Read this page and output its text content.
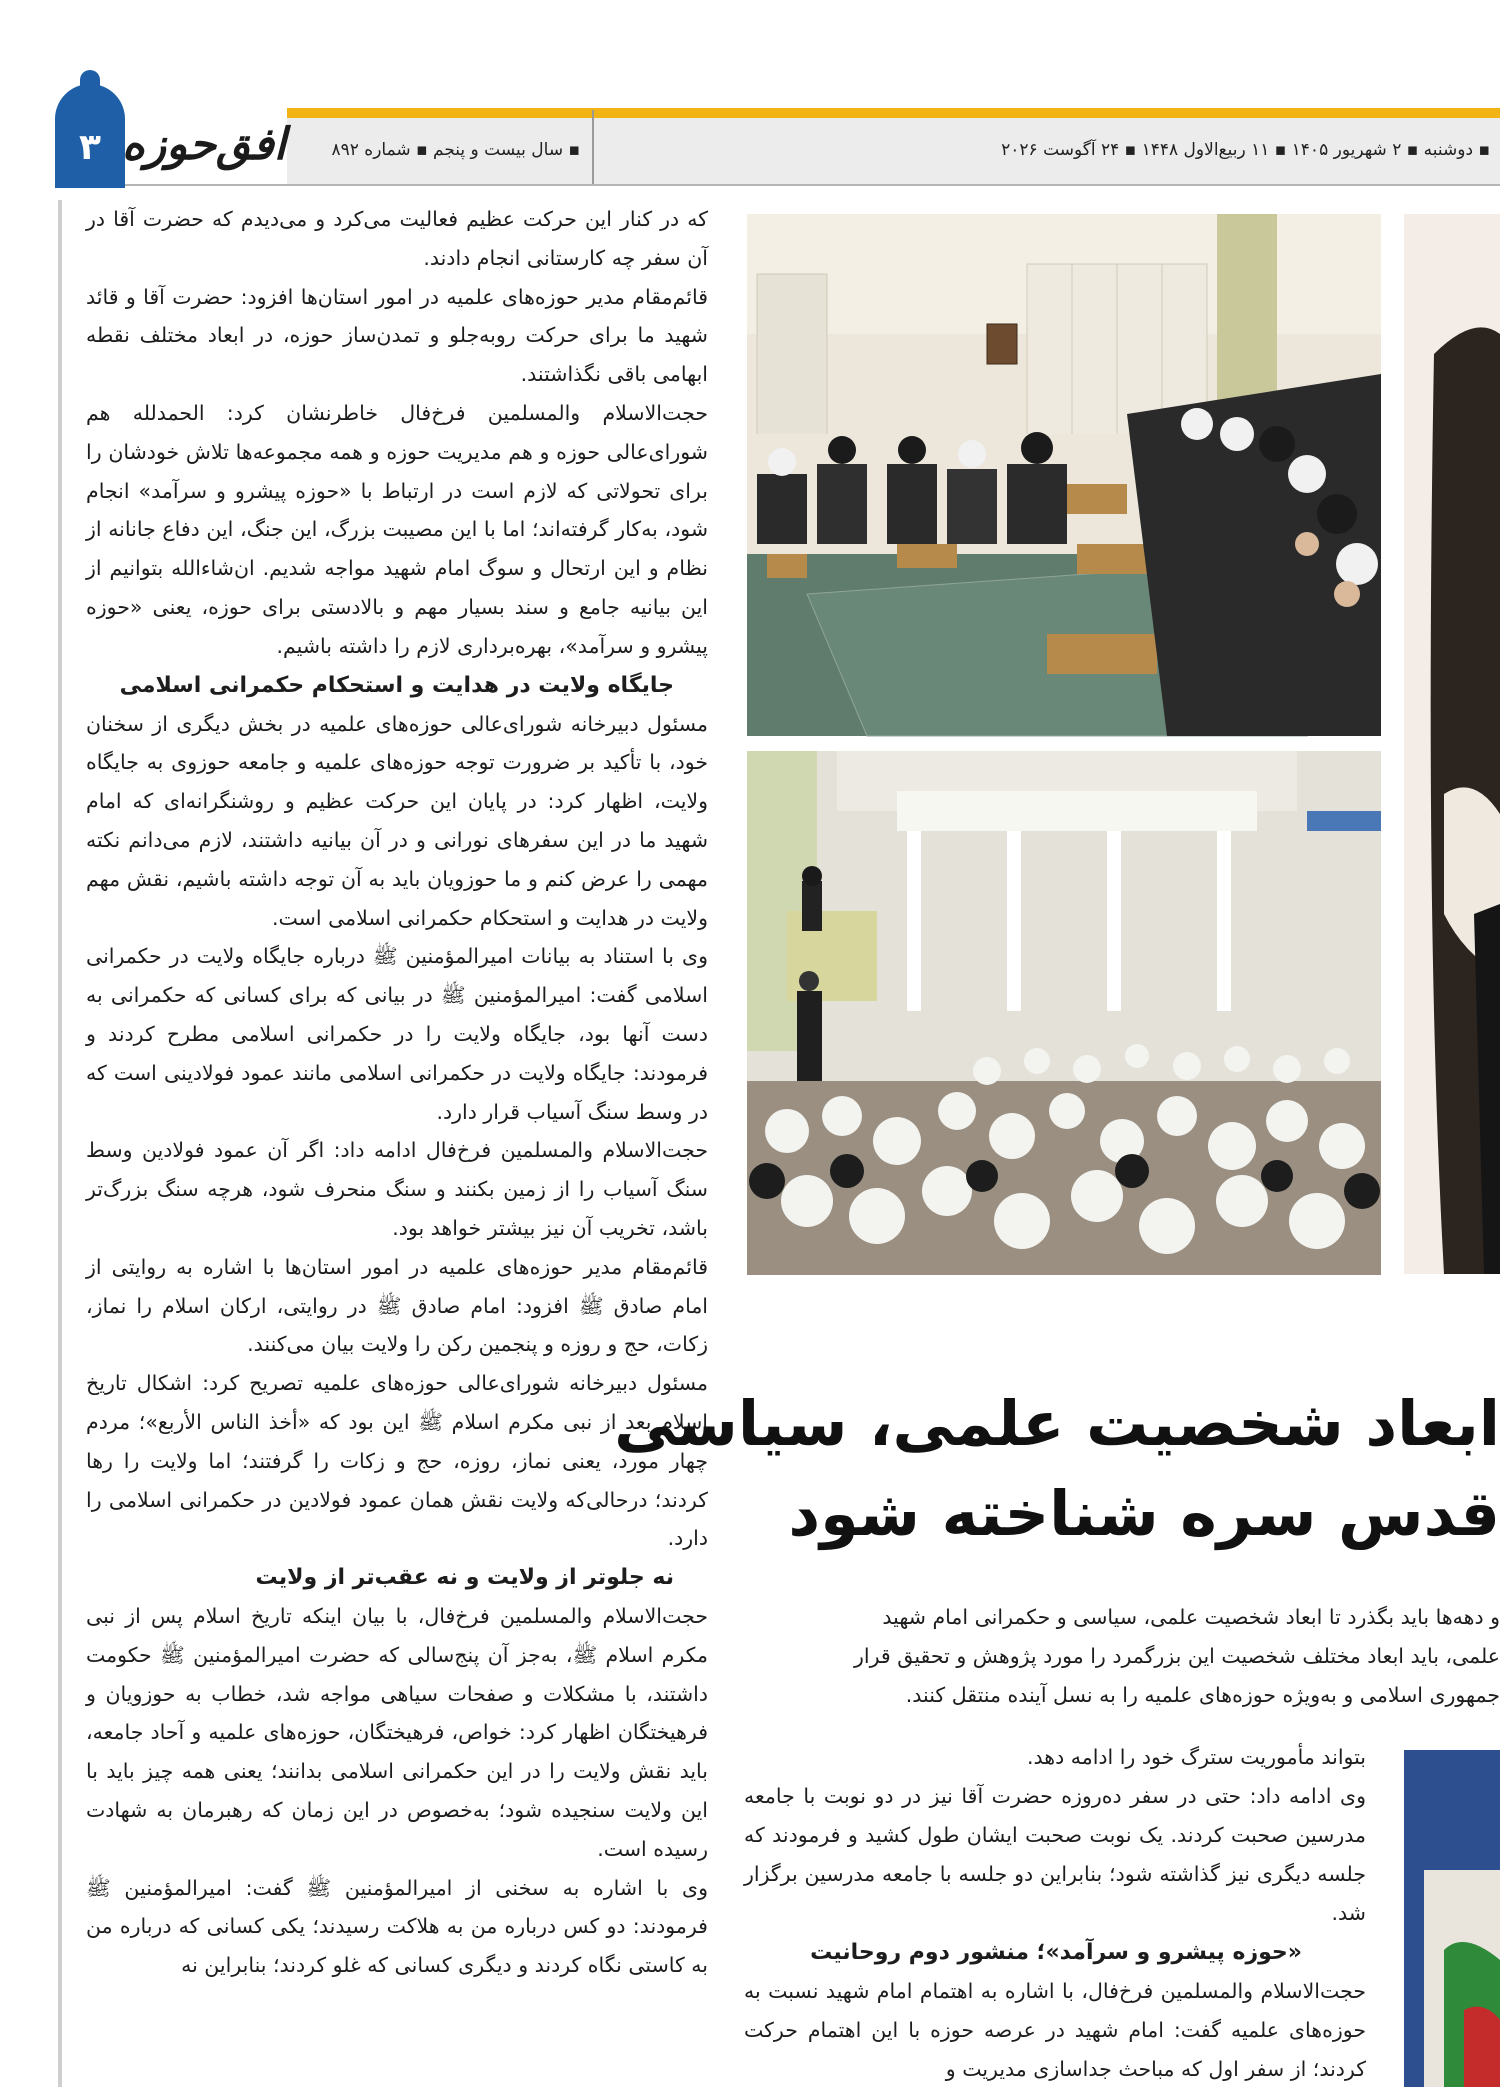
▪ دوشنبه ▪ ۲ شهریور ۱۴۰۵ ▪ ۱۱ ربیع‌الاول ۱۴۴۸ ▪ ۲۴ آگوست ۲۰۲۶
▪ سال بیست و پنجم ▪ شماره ۸۹۲
۳ افق‌حوزه

که در کنار این حرکت عظیم فعالیت می‌کرد و می‌دیدم که حضرت آقا در آن سفر چه کارستانی انجام دادند.

قائم‌مقام مدیر حوزه‌های علمیه در امور استان‌ها افزود: حضرت آقا و قائد شهید ما برای حرکت روبه‌جلو و تمدن‌ساز حوزه، در ابعاد مختلف نقطه ابهامی باقی نگذاشتند.

حجت‌الاسلام والمسلمین فرخ‌فال خاطرنشان کرد: الحمدلله هم شورای‌عالی حوزه و هم مدیریت حوزه و همه مجموعه‌ها تلاش خودشان را برای تحولاتی که لازم است در ارتباط با «حوزه پیشرو و سرآمد» انجام شود، به‌کار گرفته‌اند؛ اما با این مصیبت بزرگ، این جنگ، این دفاع جانانه از نظام و این ارتحال و سوگ امام شهید مواجه شدیم. ان‌شاءالله بتوانیم از این بیانیه جامع و سند بسیار مهم و بالادستی برای حوزه، یعنی «حوزه پیشرو و سرآمد»، بهره‌برداری لازم را داشته باشیم.

جایگاه ولایت در هدایت و استحکام حکمرانی اسلامی

مسئول دبیرخانه شورای‌عالی حوزه‌های علمیه در بخش دیگری از سخنان خود، با تأکید بر ضرورت توجه حوزه‌های علمیه و جامعه حوزوی به جایگاه ولایت، اظهار کرد: در پایان این حرکت عظیم و روشنگرانه‌ای که امام شهید ما در این سفرهای نورانی و در آن بیانیه داشتند، لازم می‌دانم نکته مهمی را عرض کنم و ما حوزویان باید به آن توجه داشته باشیم، نقش مهم ولایت در هدایت و استحکام حکمرانی اسلامی است.

وی با استناد به بیانات امیرالمؤمنین ﷺ درباره جایگاه ولایت در حکمرانی اسلامی گفت: امیرالمؤمنین ﷺ در بیانی که برای کسانی که حکمرانی به دست آنها بود، جایگاه ولایت را در حکمرانی اسلامی مطرح کردند و فرمودند: جایگاه ولایت در حکمرانی اسلامی مانند عمود فولادینی است که در وسط سنگ آسیاب قرار دارد.

حجت‌الاسلام والمسلمین فرخ‌فال ادامه داد: اگر آن عمود فولادین وسط سنگ آسیاب را از زمین بکنند و سنگ منحرف شود، هرچه سنگ بزرگ‌تر باشد، تخریب آن نیز بیشتر خواهد بود.

قائم‌مقام مدیر حوزه‌های علمیه در امور استان‌ها با اشاره به روایتی از امام صادق ﷺ افزود: امام صادق ﷺ در روایتی، ارکان اسلام را نماز، زکات، حج و روزه و پنجمین رکن را ولایت بیان می‌کنند.

مسئول دبیرخانه شورای‌عالی حوزه‌های علمیه تصریح کرد: اشکال تاریخ اسلام بعد از نبی مکرم اسلام ﷺ این بود که «أخذ الناس الأربع»؛ مردم چهار مورد، یعنی نماز، روزه، حج و زکات را گرفتند؛ اما ولایت را رها کردند؛ درحالی‌که ولایت نقش همان عمود فولادین در حکمرانی اسلامی را دارد.

نه جلوتر از ولایت و نه عقب‌تر از ولایت

حجت‌الاسلام والمسلمین فرخ‌فال، با بیان اینکه تاریخ اسلام پس از نبی مکرم اسلام ﷺ، به‌جز آن پنج‌سالی که حضرت امیرالمؤمنین ﷺ حکومت داشتند، با مشکلات و صفحات سیاهی مواجه شد، خطاب به حوزویان و فرهیختگان اظهار کرد: خواص، فرهیختگان، حوزه‌های علمیه و آحاد جامعه، باید نقش ولایت را در این حکمرانی اسلامی بدانند؛ یعنی همه چیز باید با این ولایت سنجیده شود؛ به‌خصوص در این زمان که رهبرمان به شهادت رسیده است.

وی با اشاره به سخنی از امیرالمؤمنین ﷺ گفت: امیرالمؤمنین ﷺ فرمودند: دو کس درباره من به هلاکت رسیدند؛ یکی کسانی که درباره من به کاستی نگاه کردند و دیگری کسانی که غلو کردند؛ بنابراین نه

ابعاد شخصیت علمی، سیاسی
قدس سره شناخته شود

و دهه‌ها باید بگذرد تا ابعاد شخصیت علمی، سیاسی و حکمرانی امام شهید

علمی، باید ابعاد مختلف شخصیت این بزرگمرد را مورد پژوهش و تحقیق قرار

جمهوری اسلامی و به‌ویژه حوزه‌های علمیه را به نسل آینده منتقل کنند.

بتواند مأموریت سترگ خود را ادامه دهد.

وی ادامه داد: حتی در سفر ده‌روزه حضرت آقا نیز در دو نوبت با جامعه مدرسین صحبت کردند. یک نوبت صحبت ایشان طول کشید و فرمودند که جلسه دیگری نیز گذاشته شود؛ بنابراین دو جلسه با جامعه مدرسین برگزار شد.

«حوزه پیشرو و سرآمد»؛ منشور دوم روحانیت

حجت‌الاسلام والمسلمین فرخ‌فال، با اشاره به اهتمام امام شهید نسبت به حوزه‌های علمیه گفت: امام شهید در عرصه حوزه با این اهتمام حرکت کردند؛ از سفر اول که مباحث جداسازی مدیریت و
